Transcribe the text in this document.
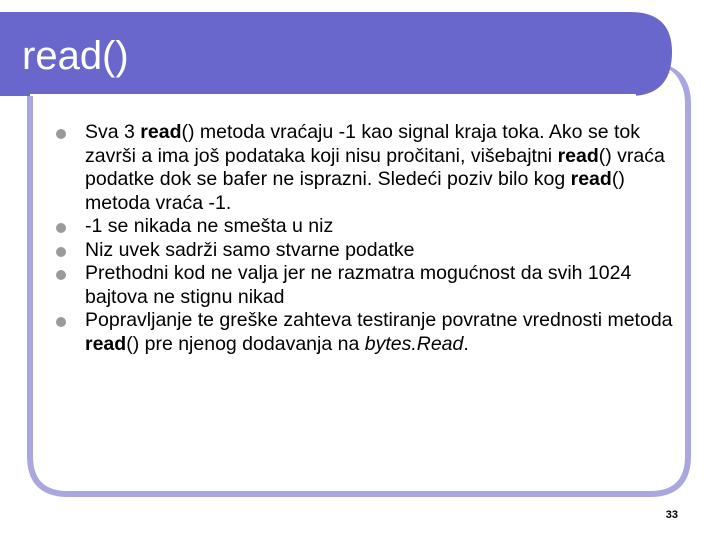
read()
Sva 3 read() metoda vraćaju -1 kao signal kraja toka. Ako se tok završi a ima još podataka koji nisu pročitani, višebajtni read() vraća podatke dok se bafer ne isprazni. Sledeći poziv bilo kog read() metoda vraća -1.
-1 se nikada ne smešta u niz
Niz uvek sadrži samo stvarne podatke
Prethodni kod ne valja jer ne razmatra mogućnost da svih 1024 bajtova ne stignu nikad
Popravljanje te greške zahteva testiranje povratne vrednosti metoda read() pre njenog dodavanja na bytes.Read.
33
